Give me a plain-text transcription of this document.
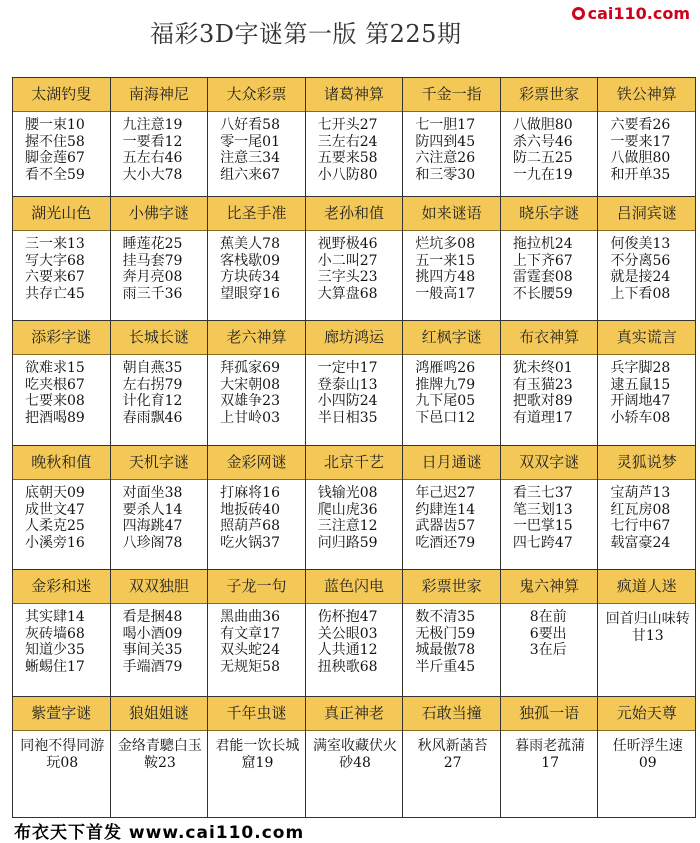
福彩3D字谜第一版 第225期
cai110.com
太湖钓叟
腰一束10
握不住58
脚金莲67
看不全59
南海神尼
九注意19
一要看12
五左右46
大小大78
大众彩票
八好看58
零一尾01
注意三34
组六来67
诸葛神算
七开头27
三左右24
五要来58
小八防80
千金一指
七一胆17
防四到45
六注意26
和三零30
彩票世家
八做胆80
杀六号46
防二五25
一九在19
铁公神算
六要看26
一要来17
八做胆80
和开单35
湖光山色
三一来13
写大字68
六要来67
共存亡45
小佛字谜
睡莲花25
挂马套79
奔月亮08
雨三千36
比圣手准
蕉美人78
客栈歇09
方块砖34
望眼穿16
老孙和值
视野极46
小二叫27
三字头23
大算盘68
如来谜语
烂坑多08
五一来15
挑四方48
一般高17
晓乐字谜
拖拉机24
上下齐67
雷霆套08
不长腰59
吕洞宾谜
何俊美13
不分离56
就是接24
上下看08
添彩字谜
欲难求15
吃夹根67
七要来08
把酒喝89
长城长谜
朝自燕35
左右拐79
计化育12
春雨飘46
老六神算
拜孤家69
大宋朝08
双雄争23
上甘岭03
廊坊鸿运
一定中17
登泰山13
小四防24
半日相35
红枫字谜
鸿雁鸣26
推牌九79
九下尾05
下邑口12
布衣神算
犹未终01
有玉猫23
把歌对89
有道理17
真实谎言
兵字脚28
逮五鼠15
开阔地47
小轿车08
晚秋和值
底朝天09
成世文47
人柔克25
小溪旁16
天机字谜
对面坐38
要杀人14
四海跳47
八珍阁78
金彩网谜
打麻将16
地扳砖40
照葫芦68
吃火锅37
北京千艺
钱输光08
爬山虎36
三注意12
问归路59
日月通谜
年己迟27
约肆连14
武器齿57
吃酒还79
双双字谜
看三七37
笔三划13
一巴掌15
四七跨47
灵狐说梦
宝葫芦13
红瓦房08
七行中67
载富豪24
金彩和迷
其实肆14
灰砖墙68
知道少35
蜥蜴住17
双双独胆
看是捆48
喝小酒09
事间关35
手端酒79
子龙一句
黑曲曲36
有文章17
双头蛇24
无规矩58
蓝色闪电
伤杯抱47
关公眼03
人共通12
扭秧歌68
彩票世家
数不清35
无极门59
城最傲78
半斤重45
鬼六神算
8在前
6要出
3在后
疯道人迷
回首归山味转甘13
紫萱字谜
同袍不得同游玩08
狼姐姐谜
金络青驄白玉鞍23
千年虫谜
君能一饮长城窟19
真正神老
满室收藏伏火砂48
石敢当撞
秋风新菡苔27
独孤一语
暮雨老菰蒲17
元始天尊
任昕浮生速09
布衣天下首发 www.cai110.com
